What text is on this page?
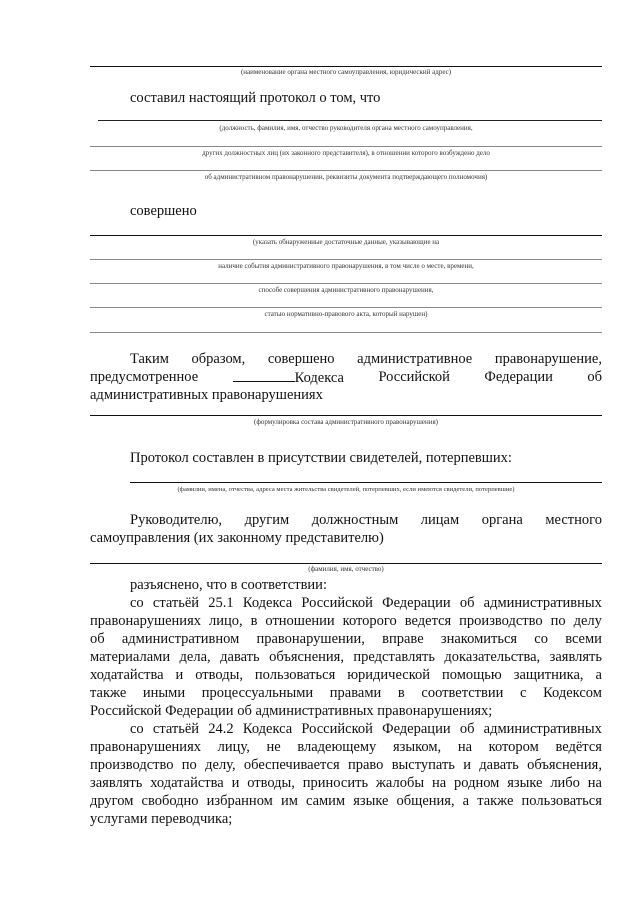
(наименование органа местного самоуправления, юридический адрес)
составил настоящий протокол о том, что
(должность, фамилия, имя, отчество руководителя органа местного самоуправления,
других должностных лиц (их законного представителя), в отношении которого возбуждено дело
об административном правонарушении, реквизиты документа подтверждающего полномочия)
совершено
(указать обнаруженные достаточные данные, указывающие на
наличие события административного правонарушения, в том числе о месте, времени,
способе совершения административного правонарушения,
статью нормативно-правового акта, который нарушен)
Таким образом, совершено административное правонарушение,
предусмотренное	Кодекса Российской Федерации об
административных правонарушениях
(формулировка состава административного правонарушения)
Протокол составлен в присутствии свидетелей, потерпевших:
(фамилии, имена, отчества, адреса места жительства свидетелей, потерпевших, если имеются свидетели, потерпевшие)
Руководителю, другим должностным лицам органа местного
самоуправления (их законному представителю)
(фамилия, имя, отчество)
разъяснено, что в соответствии:
со статьёй 25.1 Кодекса Российской Федерации об административных
правонарушениях лицо, в отношении которого ведется производство по делу
об административном правонарушении, вправе знакомиться со всеми
материалами дела, давать объяснения, представлять доказательства, заявлять
ходатайства и отводы, пользоваться юридической помощью защитника, а
также иными процессуальными правами в соответствии с Кодексом
Российской Федерации об административных правонарушениях;
со статьёй 24.2 Кодекса Российской Федерации об административных
правонарушениях лицу, не владеющему языком, на котором ведётся
производство по делу, обеспечивается право выступать и давать объяснения,
заявлять ходатайства и отводы, приносить жалобы на родном языке либо на
другом свободно избранном им самим языке общения, а также пользоваться
услугами переводчика;
